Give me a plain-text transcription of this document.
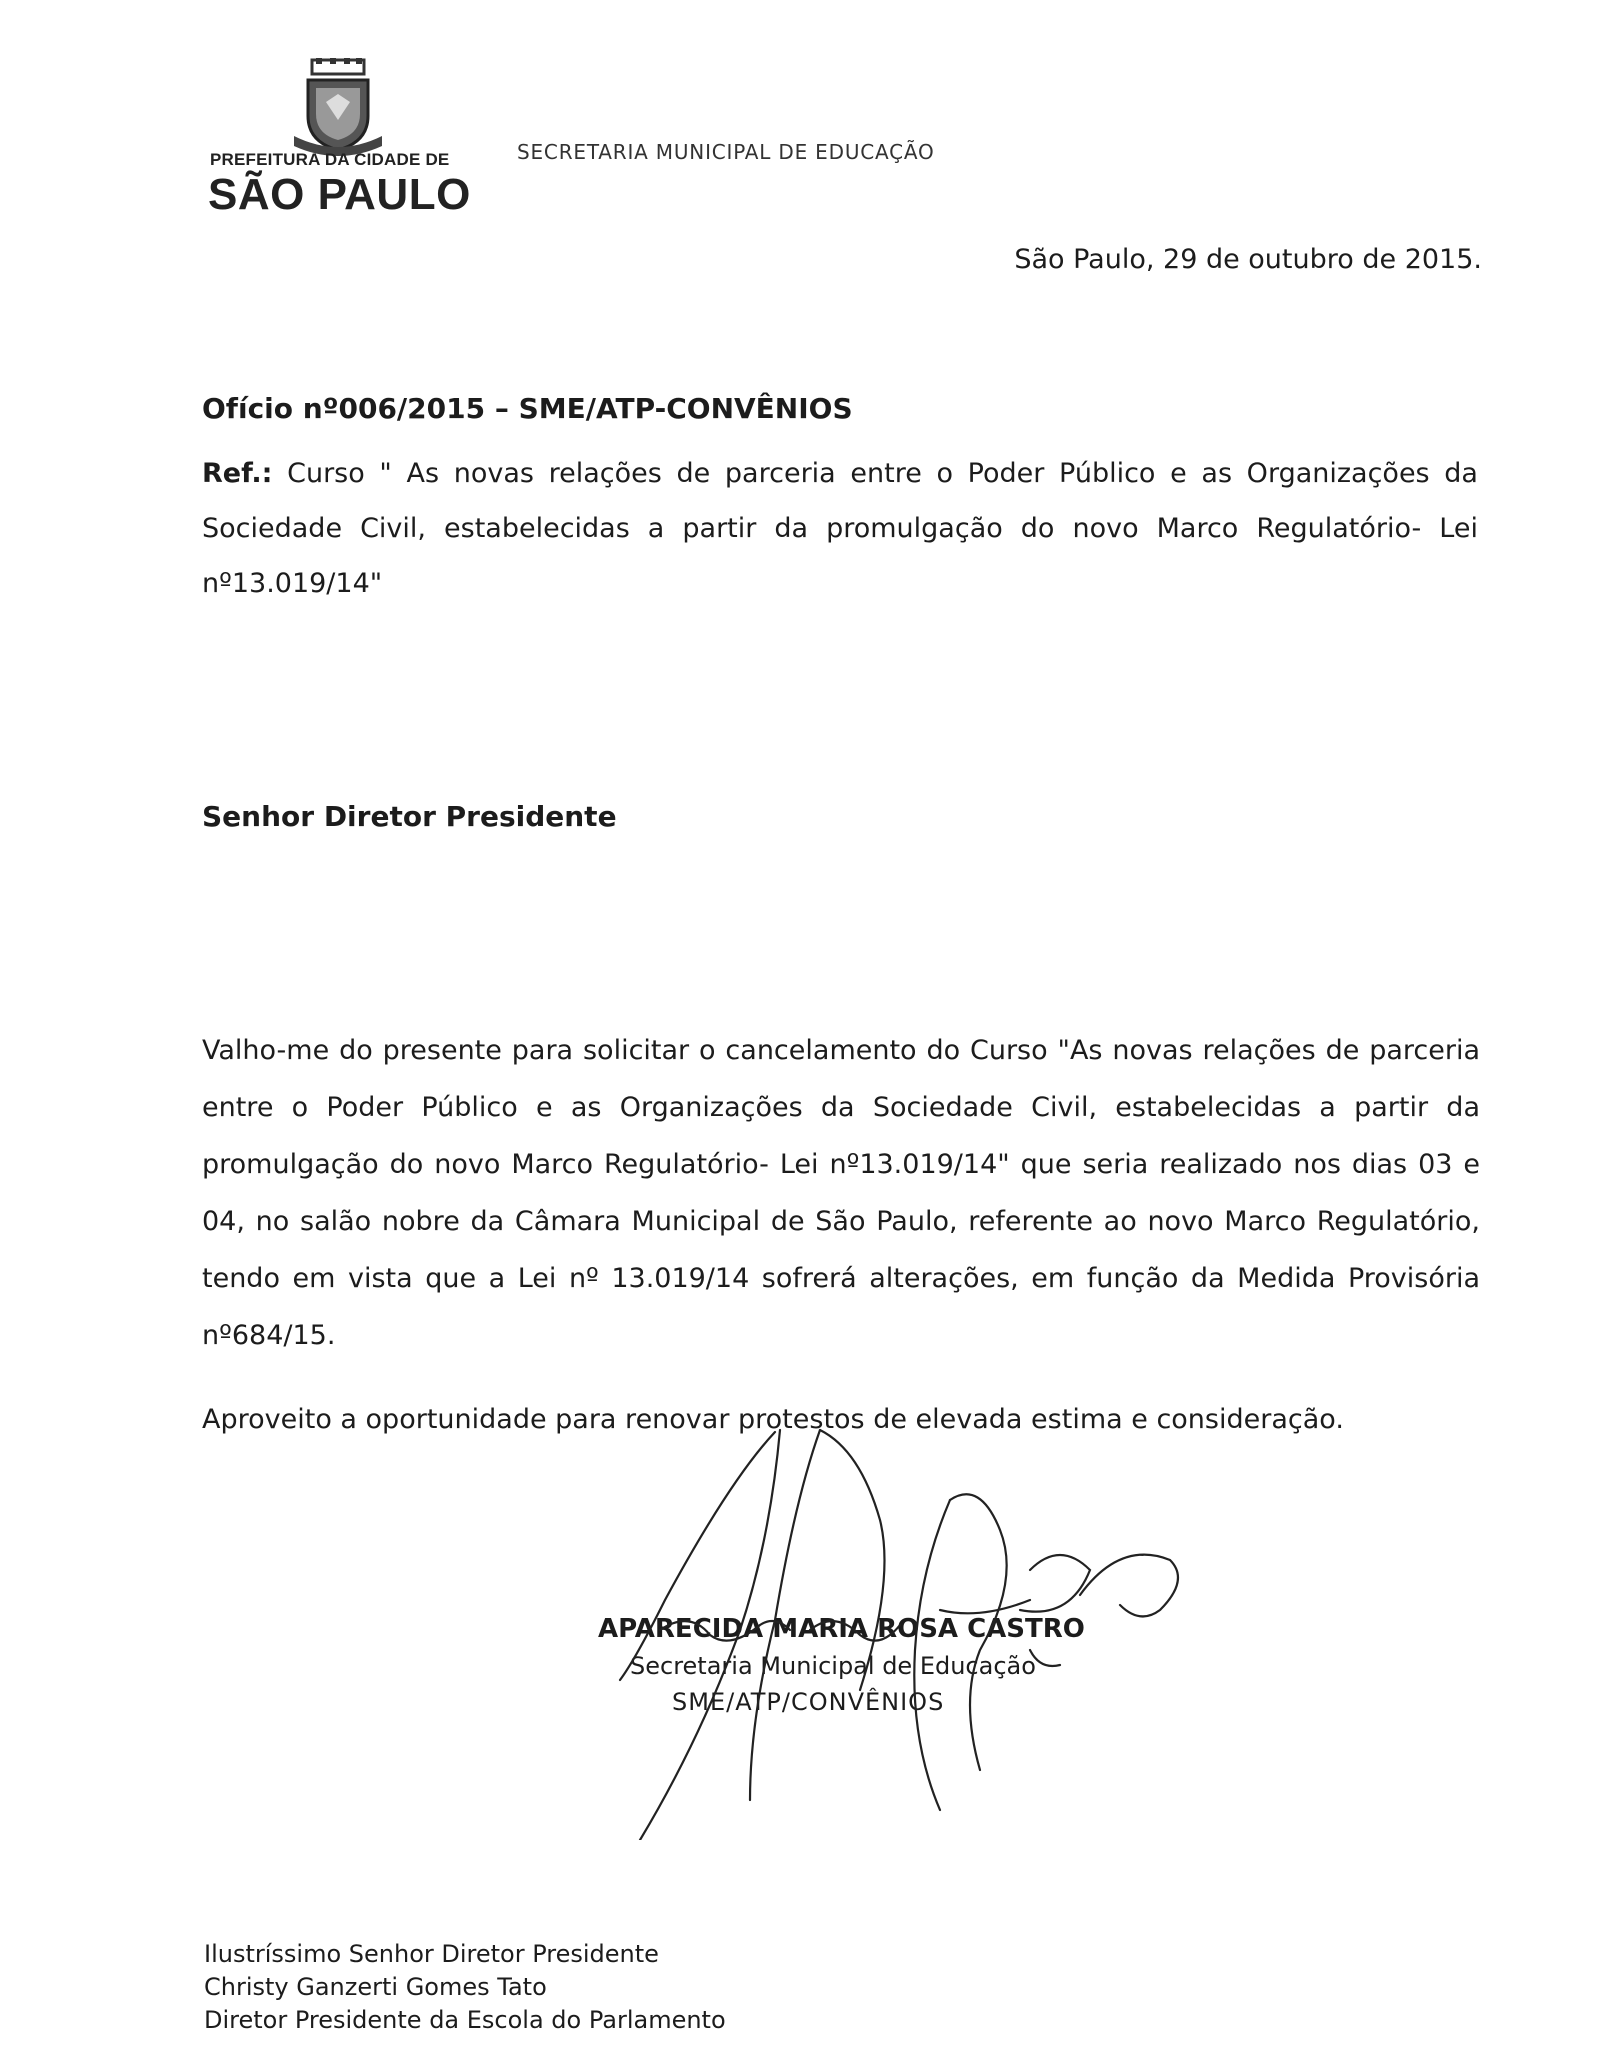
PREFEITURA DA CIDADE DE
SÃO PAULO
SECRETARIA MUNICIPAL DE EDUCAÇÃO
São Paulo, 29 de outubro de 2015.
Ofício nº006/2015 – SME/ATP-CONVÊNIOS
Ref.: Curso " As novas relações de parceria entre o Poder Público e as Organizações da Sociedade Civil, estabelecidas a partir da promulgação do novo Marco Regulatório- Lei nº13.019/14"
Senhor Diretor Presidente
Valho-me do presente para solicitar o cancelamento do Curso "As novas relações de parceria entre o Poder Público e as Organizações da Sociedade Civil, estabelecidas a partir da promulgação do novo Marco Regulatório- Lei nº13.019/14" que seria realizado nos dias 03 e 04, no salão nobre da Câmara Municipal de São Paulo, referente ao novo Marco Regulatório, tendo em vista que a Lei nº 13.019/14 sofrerá alterações, em função da Medida Provisória nº684/15.
Aproveito a oportunidade para renovar protestos de elevada estima e consideração.
APARECIDA MARIA ROSA CASTRO
Secretaria Municipal de Educação
SME/ATP/CONVÊNIOS
Ilustríssimo Senhor Diretor Presidente
Christy Ganzerti Gomes Tato
Diretor Presidente da Escola do Parlamento
